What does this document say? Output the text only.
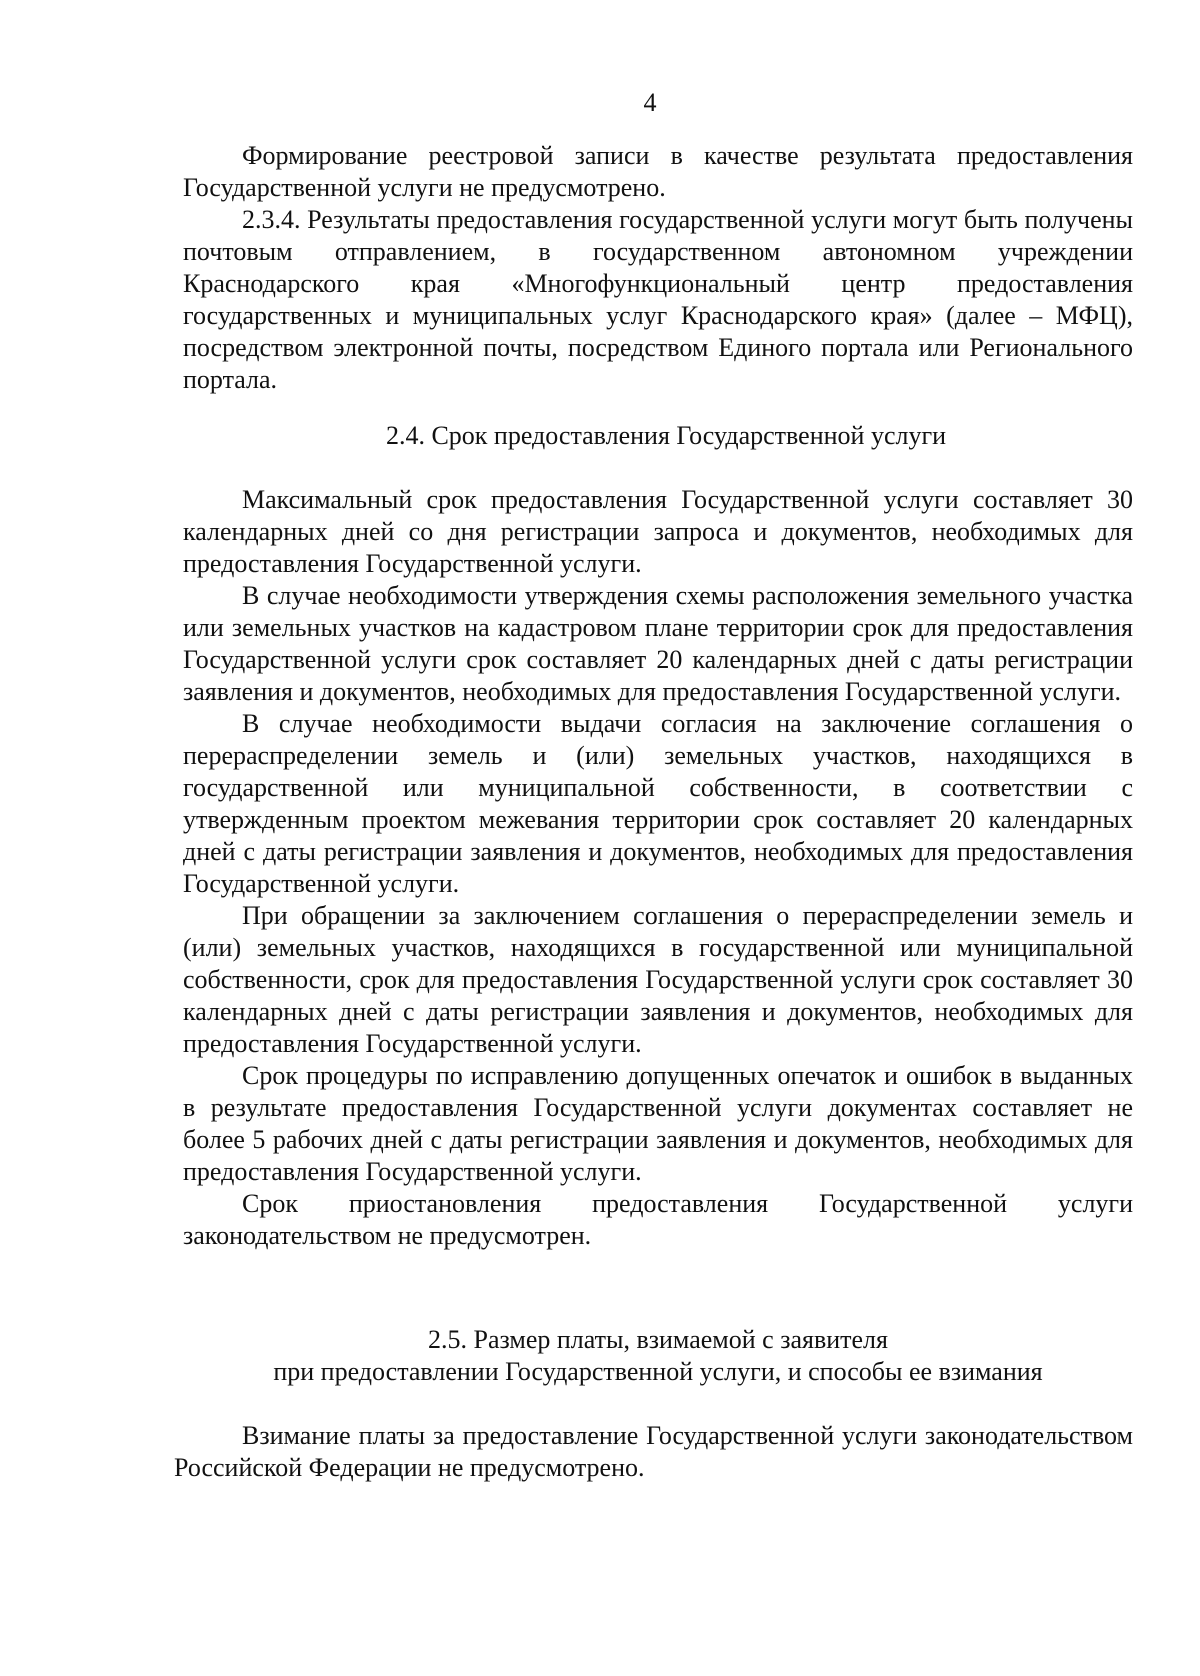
4

Формирование реестровой записи в качестве результата предоставления Государственной услуги не предусмотрено.

2.3.4. Результаты предоставления государственной услуги могут быть получены почтовым отправлением, в государственном автономном учреждении Краснодарского края «Многофункциональный центр предоставления государственных и муниципальных услуг Краснодарского края» (далее – МФЦ), посредством электронной почты, посредством Единого портала или Регионального портала.

2.4. Срок предоставления Государственной услуги

Максимальный срок предоставления Государственной услуги составляет 30 календарных дней со дня регистрации запроса и документов, необходимых для предоставления Государственной услуги.

В случае необходимости утверждения схемы расположения земельного участка или земельных участков на кадастровом плане территории срок для предоставления Государственной услуги срок составляет 20 календарных дней с даты регистрации заявления и документов, необходимых для предоставления Государственной услуги.

В случае необходимости выдачи согласия на заключение соглашения о перераспределении земель и (или) земельных участков, находящихся в государственной или муниципальной собственности, в соответствии с утвержденным проектом межевания территории срок составляет 20 календарных дней с даты регистрации заявления и документов, необходимых для предоставления Государственной услуги.

При обращении за заключением соглашения о перераспределении земель и (или) земельных участков, находящихся в государственной или муниципальной собственности, срок для предоставления Государственной услуги срок составляет 30 календарных дней с даты регистрации заявления и документов, необходимых для предоставления Государственной услуги.

Срок процедуры по исправлению допущенных опечаток и ошибок в выданных в результате предоставления Государственной услуги документах составляет не более 5 рабочих дней с даты регистрации заявления и документов, необходимых для предоставления Государственной услуги.

Срок приостановления предоставления Государственной услуги законодательством не предусмотрен.

2.5. Размер платы, взимаемой с заявителя
при предоставлении Государственной услуги, и способы ее взимания

Взимание платы за предоставление Государственной услуги законодательством Российской Федерации не предусмотрено.
